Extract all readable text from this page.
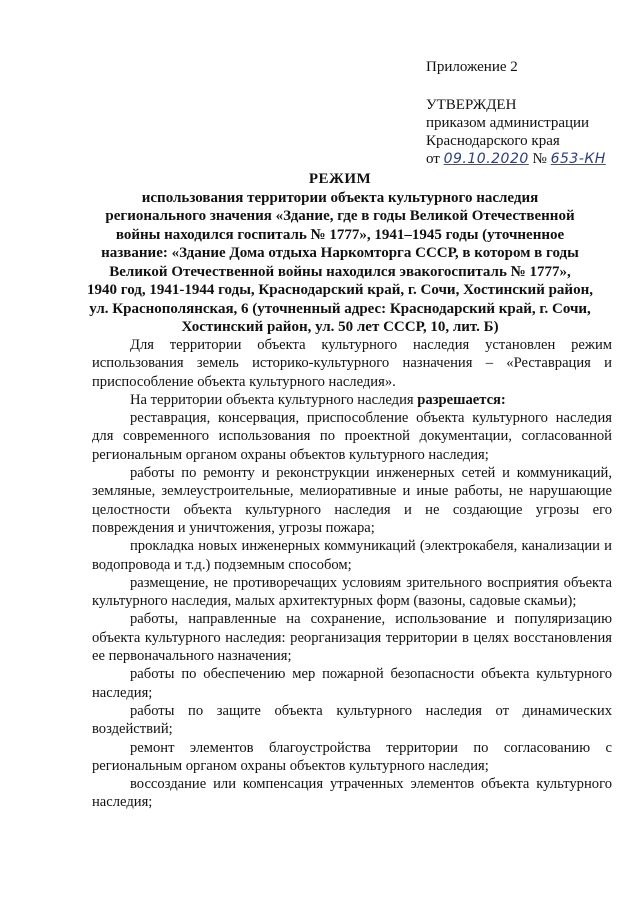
Приложение 2
УТВЕРЖДЕН
приказом администрации
Краснодарского края
от 09.10.2020 № 653-КН
РЕЖИМ
использования территории объекта культурного наследия
регионального значения «Здание, где в годы Великой Отечественной
войны находился госпиталь № 1777», 1941–1945 годы (уточненное
название: «Здание Дома отдыха Наркомторга СССР, в котором в годы
Великой Отечественной войны находился эвакогоспиталь № 1777»,
1940 год, 1941-1944 годы, Краснодарский край, г. Сочи, Хостинский район,
ул. Краснополянская, 6 (уточненный адрес: Краснодарский край, г. Сочи,
Хостинский район, ул. 50 лет СССР, 10, лит. Б)

Для территории объекта культурного наследия установлен режим использования земель историко-культурного назначения – «Реставрация и приспособление объекта культурного наследия».

На территории объекта культурного наследия разрешается:

реставрация, консервация, приспособление объекта культурного наследия для современного использования по проектной документации, согласованной региональным органом охраны объектов культурного наследия;

работы по ремонту и реконструкции инженерных сетей и коммуникаций, земляные, землеустроительные, мелиоративные и иные работы, не нарушающие целостности объекта культурного наследия и не создающие угрозы его повреждения и уничтожения, угрозы пожара;

прокладка новых инженерных коммуникаций (электрокабеля, канализации и водопровода и т.д.) подземным способом;

размещение, не противоречащих условиям зрительного восприятия объекта культурного наследия, малых архитектурных форм (вазоны, садовые скамьи);

работы, направленные на сохранение, использование и популяризацию объекта культурного наследия: реорганизация территории в целях восстановления ее первоначального назначения;

работы по обеспечению мер пожарной безопасности объекта культурного наследия;

работы по защите объекта культурного наследия от динамических воздействий;

ремонт элементов благоустройства территории по согласованию с региональным органом охраны объектов культурного наследия;

воссоздание или компенсация утраченных элементов объекта культурного наследия;
